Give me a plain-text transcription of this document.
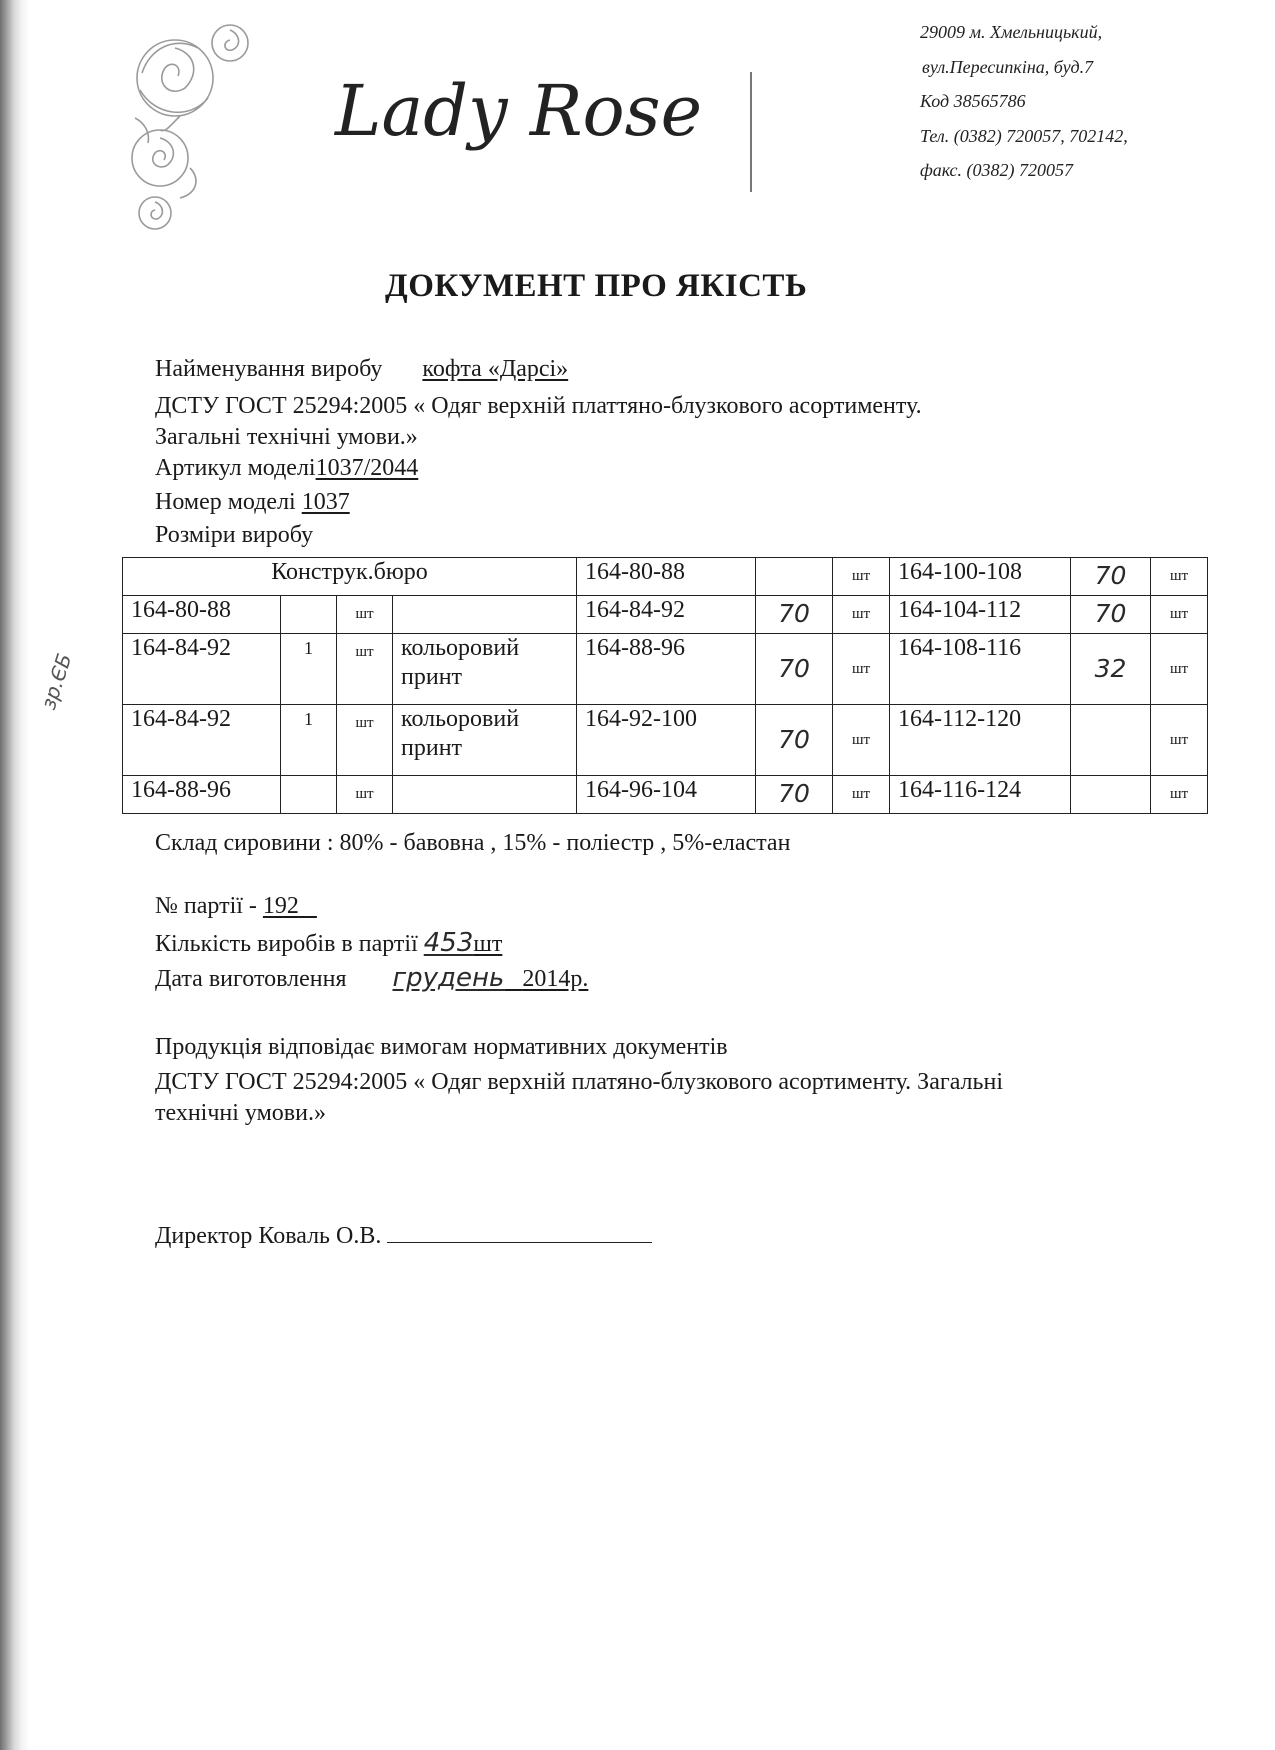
Lady Rose
29009 м. Хмельницький,
вул.Пересипкіна, буд.7
Код 38565786
Тел. (0382) 720057, 702142,
факс. (0382) 720057
ДОКУМЕНТ ПРО ЯКІСТЬ
Найменування виробу кофта «Дарсі»
ДСТУ ГОСТ 25294:2005 « Одяг верхній платтяно-блузкового асортименту.
Загальні технічні умови.»
Артикул моделі1037/2044
Номер моделі 1037
Розміри виробу
Конструк.бюро				164-80-88		шт	164-100-108	70	шт
164-80-88		шт		164-84-92	70	шт	164-104-112	70	шт
164-84-92	1	шт	кольоровий принт	164-88-96	70	шт	164-108-116	32	шт
164-84-92	1	шт	кольоровий принт	164-92-100	70	шт	164-112-120		шт
164-88-96		шт		164-96-104	70	шт	164-116-124		шт
зр.ЄБ
Склад сировини : 80% - бавовна , 15% - поліестр , 5%-еластан
№ партії - 192
Кількість виробів в партії 453шт
Дата виготовлення грудень 2014р.
Продукція відповідає вимогам нормативних документів
ДСТУ ГОСТ 25294:2005 « Одяг верхній платяно-блузкового асортименту. Загальні
технічні умови.»
Директор Коваль О.В.
